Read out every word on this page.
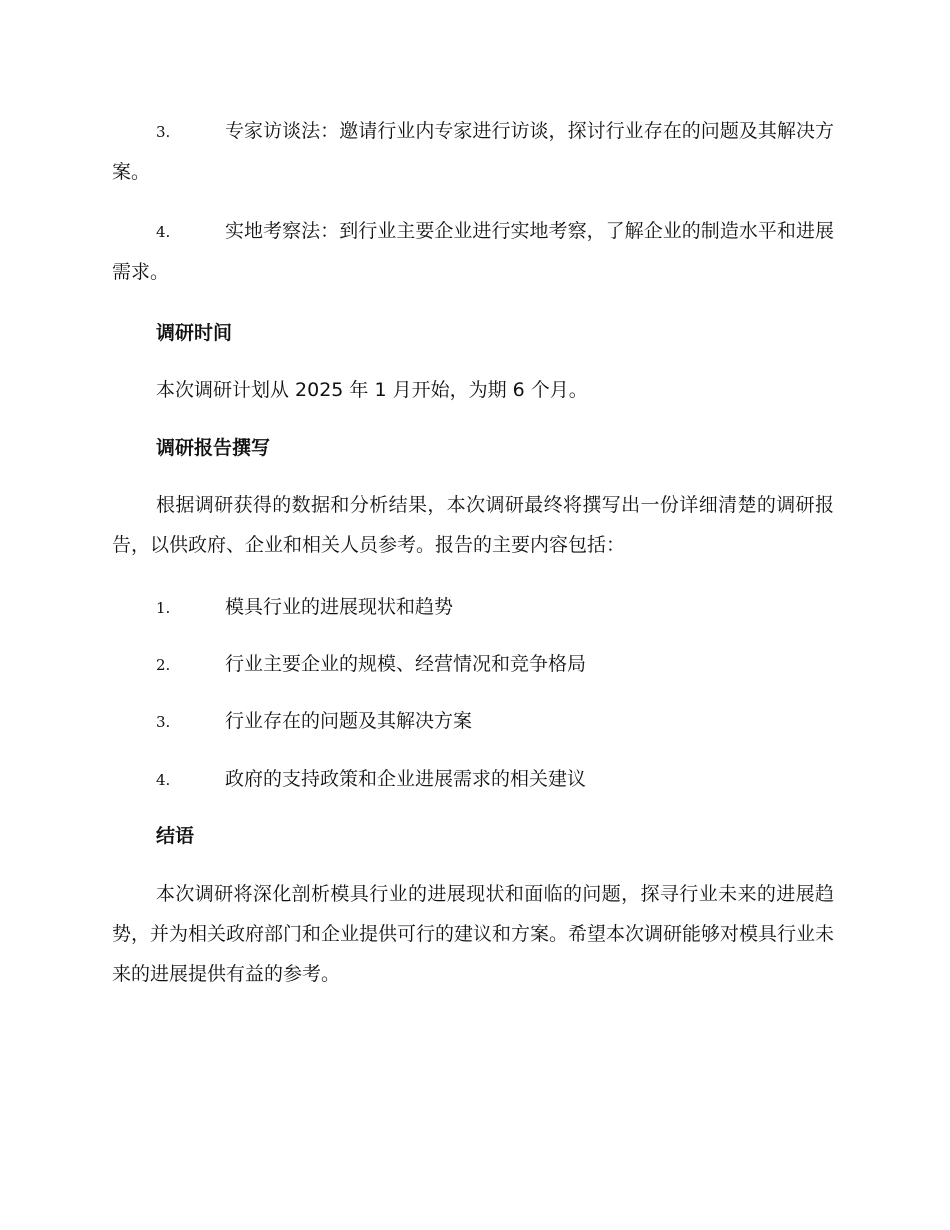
3.	专家访谈法：邀请行业内专家进行访谈，探讨行业存在的问题及其解决方案。

4.	实地考察法：到行业主要企业进行实地考察，了解企业的制造水平和进展需求。

调研时间

本次调研计划从 2025 年 1 月开始，为期 6 个月。

调研报告撰写

根据调研获得的数据和分析结果，本次调研最终将撰写出一份详细清楚的调研报告，以供政府、企业和相关人员参考。报告的主要内容包括：

1.	模具行业的进展现状和趋势

2.	行业主要企业的规模、经营情况和竞争格局

3.	行业存在的问题及其解决方案

4.	政府的支持政策和企业进展需求的相关建议

结语

本次调研将深化剖析模具行业的进展现状和面临的问题，探寻行业未来的进展趋势，并为相关政府部门和企业提供可行的建议和方案。希望本次调研能够对模具行业未来的进展提供有益的参考。
